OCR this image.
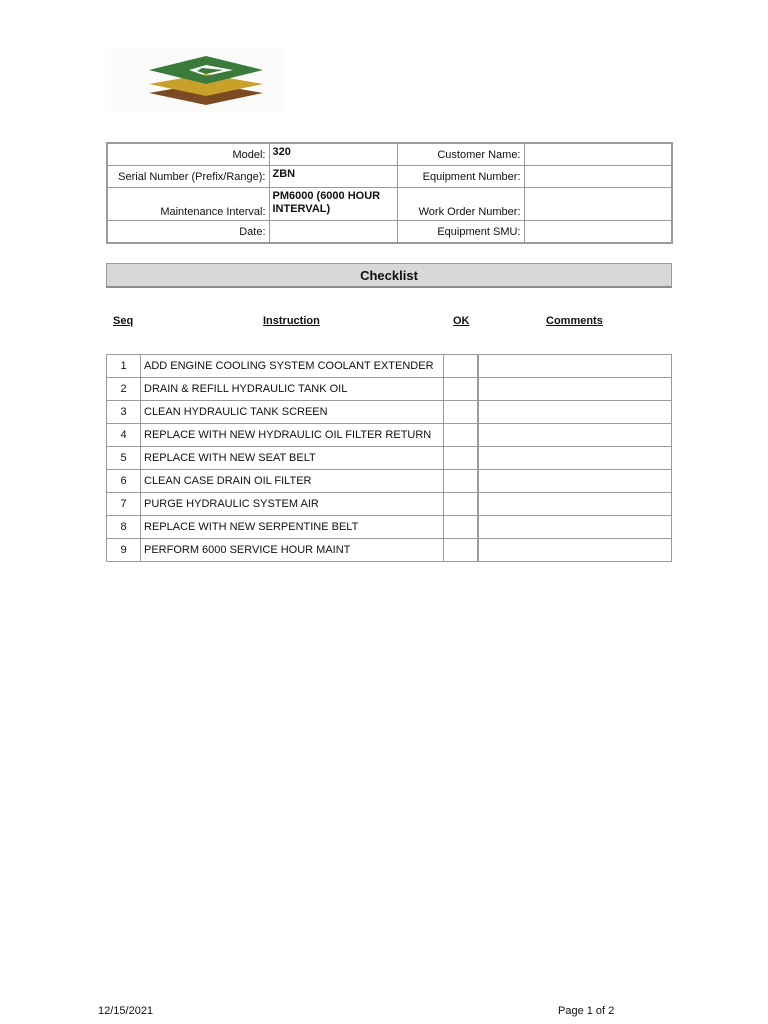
Model:	320	Customer Name:	
Serial Number (Prefix/Range):	ZBN	Equipment Number:	
Maintenance Interval:	PM6000 (6000 HOUR INTERVAL)	Work Order Number:	
Date:		Equipment SMU:	
Checklist
Seq	Instruction	OK	Comments
1	ADD ENGINE COOLING SYSTEM COOLANT EXTENDER		
2	DRAIN & REFILL HYDRAULIC TANK OIL		
3	CLEAN HYDRAULIC TANK SCREEN		
4	REPLACE WITH NEW HYDRAULIC OIL FILTER RETURN		
5	REPLACE WITH NEW SEAT BELT		
6	CLEAN CASE DRAIN OIL FILTER		
7	PURGE HYDRAULIC SYSTEM AIR		
8	REPLACE WITH NEW SERPENTINE BELT		
9	PERFORM 6000 SERVICE HOUR MAINT		
12/15/2021	Page 1 of 2
